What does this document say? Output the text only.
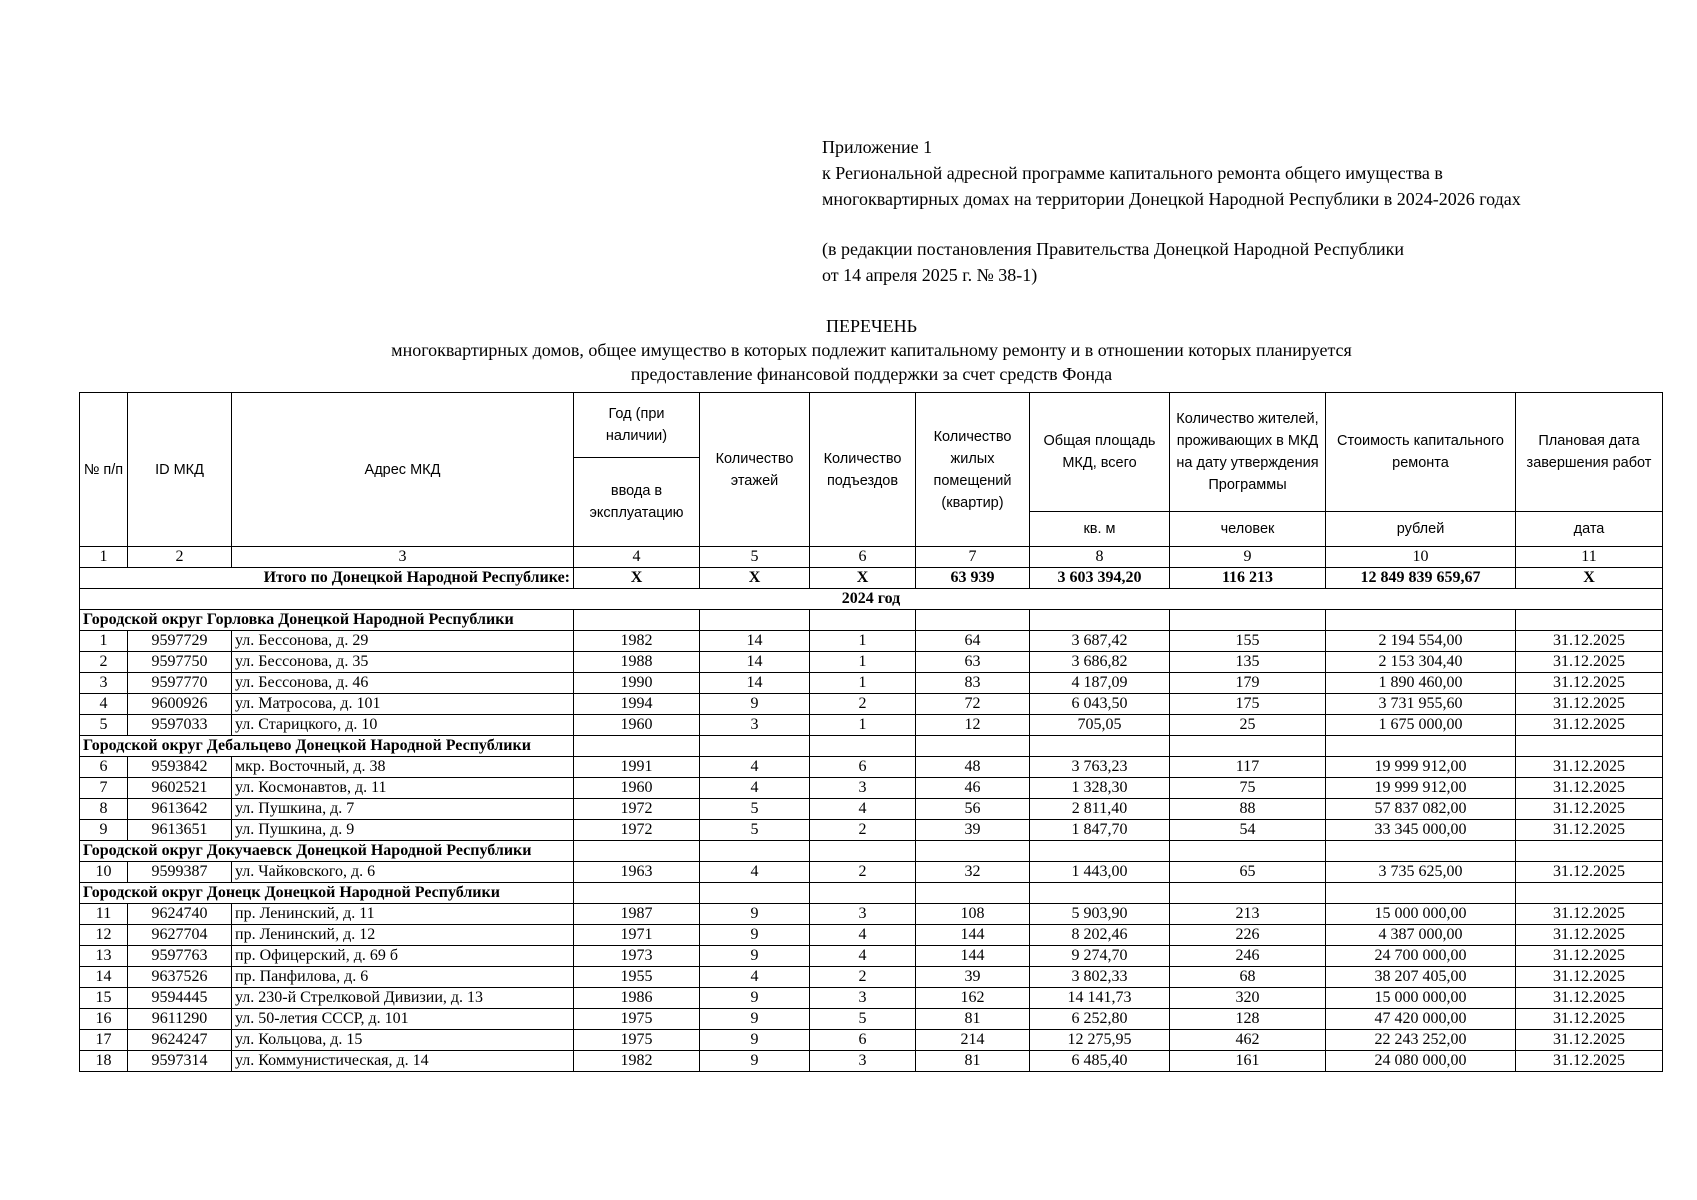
Приложение 1
к Региональной адресной программе капитального ремонта общего имущества в
многоквартирных домах на территории Донецкой Народной Республики в 2024-2026 годах
(в редакции постановления Правительства Донецкой Народной Республики
от 14 апреля 2025 г. № 38-1)
ПЕРЕЧЕНЬ
многоквартирных домов, общее имущество в которых подлежит капитальному ремонту и в отношении которых планируется
предоставление финансовой поддержки за счет средств Фонда
№ п/п	ID МКД	Адрес МКД	Год (при наличии)	Количество этажей	Количество подъездов	Количество жилых помещений (квартир)	Общая площадь МКД, всего	Количество жителей, проживающих в МКД на дату утверждения Программы	Стоимость капитального ремонта	Плановая дата завершения работ
			ввода в эксплуатацию							
							кв. м	человек	рублей	дата
1	2	3	4	5	6	7	8	9	10	11
Итого по Донецкой Народной Республике:			X	X	X	63 939	3 603 394,20	116 213	12 849 839 659,67	X
2024 год										
Городской округ Горловка Донецкой Народной Республики										
1	9597729	ул. Бессонова, д. 29	1982	14	1	64	3 687,42	155	2 194 554,00	31.12.2025
2	9597750	ул. Бессонова, д. 35	1988	14	1	63	3 686,82	135	2 153 304,40	31.12.2025
3	9597770	ул. Бессонова, д. 46	1990	14	1	83	4 187,09	179	1 890 460,00	31.12.2025
4	9600926	ул. Матросова, д. 101	1994	9	2	72	6 043,50	175	3 731 955,60	31.12.2025
5	9597033	ул. Старицкого, д. 10	1960	3	1	12	705,05	25	1 675 000,00	31.12.2025
Городской округ Дебальцево Донецкой Народной Республики										
6	9593842	мкр. Восточный, д. 38	1991	4	6	48	3 763,23	117	19 999 912,00	31.12.2025
7	9602521	ул. Космонавтов, д. 11	1960	4	3	46	1 328,30	75	19 999 912,00	31.12.2025
8	9613642	ул. Пушкина, д. 7	1972	5	4	56	2 811,40	88	57 837 082,00	31.12.2025
9	9613651	ул. Пушкина, д. 9	1972	5	2	39	1 847,70	54	33 345 000,00	31.12.2025
Городской округ Докучаевск Донецкой Народной Республики										
10	9599387	ул. Чайковского, д. 6	1963	4	2	32	1 443,00	65	3 735 625,00	31.12.2025
Городской округ Донецк Донецкой Народной Республики										
11	9624740	пр. Ленинский, д. 11	1987	9	3	108	5 903,90	213	15 000 000,00	31.12.2025
12	9627704	пр. Ленинский, д. 12	1971	9	4	144	8 202,46	226	4 387 000,00	31.12.2025
13	9597763	пр. Офицерский, д. 69 б	1973	9	4	144	9 274,70	246	24 700 000,00	31.12.2025
14	9637526	пр. Панфилова, д. 6	1955	4	2	39	3 802,33	68	38 207 405,00	31.12.2025
15	9594445	ул. 230-й Стрелковой Дивизии, д. 13	1986	9	3	162	14 141,73	320	15 000 000,00	31.12.2025
16	9611290	ул. 50-летия СССР, д. 101	1975	9	5	81	6 252,80	128	47 420 000,00	31.12.2025
17	9624247	ул. Кольцова, д. 15	1975	9	6	214	12 275,95	462	22 243 252,00	31.12.2025
18	9597314	ул. Коммунистическая, д. 14	1982	9	3	81	6 485,40	161	24 080 000,00	31.12.2025
